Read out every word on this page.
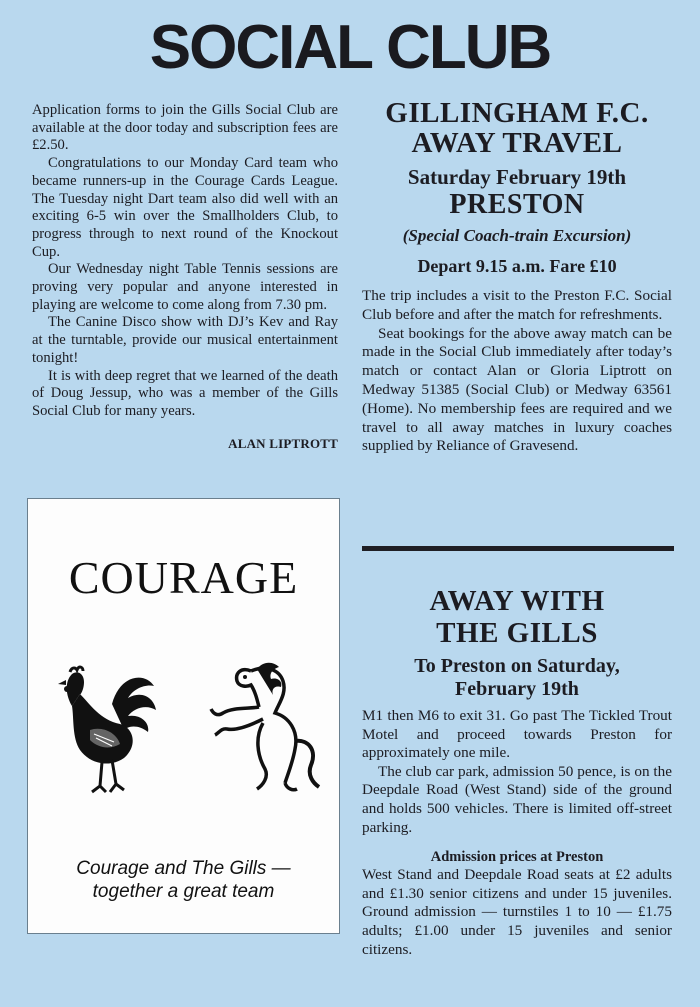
SOCIAL CLUB

Application forms to join the Gills Social Club are available at the door today and subscription fees are £2.50.

Congratulations to our Monday Card team who became runners-up in the Courage Cards League. The Tuesday night Dart team also did well with an exciting 6-5 win over the Smallholders Club, to progress through to next round of the Knockout Cup.

Our Wednesday night Table Tennis sessions are proving very popular and anyone interested in playing are welcome to come along from 7.30 pm.

The Canine Disco show with DJ’s Kev and Ray at the turntable, provide our musical entertainment tonight!

It is with deep regret that we learned of the death of Doug Jessup, who was a member of the Gills Social Club for many years.

ALAN LIPTROTT
COURAGE
Courage and The Gills —
together a great team
GILLINGHAM F.C.
AWAY TRAVEL
Saturday February 19th
PRESTON
(Special Coach-train Excursion)
Depart 9.15 a.m. Fare £10

The trip includes a visit to the Preston F.C. Social Club before and after the match for refreshments.

Seat bookings for the above away match can be made in the Social Club immediately after today’s match or contact Alan or Gloria Liptrott on Medway 51385 (Social Club) or Medway 63561 (Home). No membership fees are required and we travel to all away matches in luxury coaches supplied by Reliance of Gravesend.

AWAY WITH
THE GILLS
To Preston on Saturday,
February 19th

M1 then M6 to exit 31. Go past The Tickled Trout Motel and proceed towards Preston for approximately one mile.

The club car park, admission 50 pence, is on the Deepdale Road (West Stand) side of the ground and holds 500 vehicles. There is limited off-street parking.

Admission prices at Preston
West Stand and Deepdale Road seats at £2 adults and £1.30 senior citizens and under 15 juveniles. Ground admission — turnstiles 1 to 10 — £1.75 adults; £1.00 under 15 juveniles and senior citizens.
